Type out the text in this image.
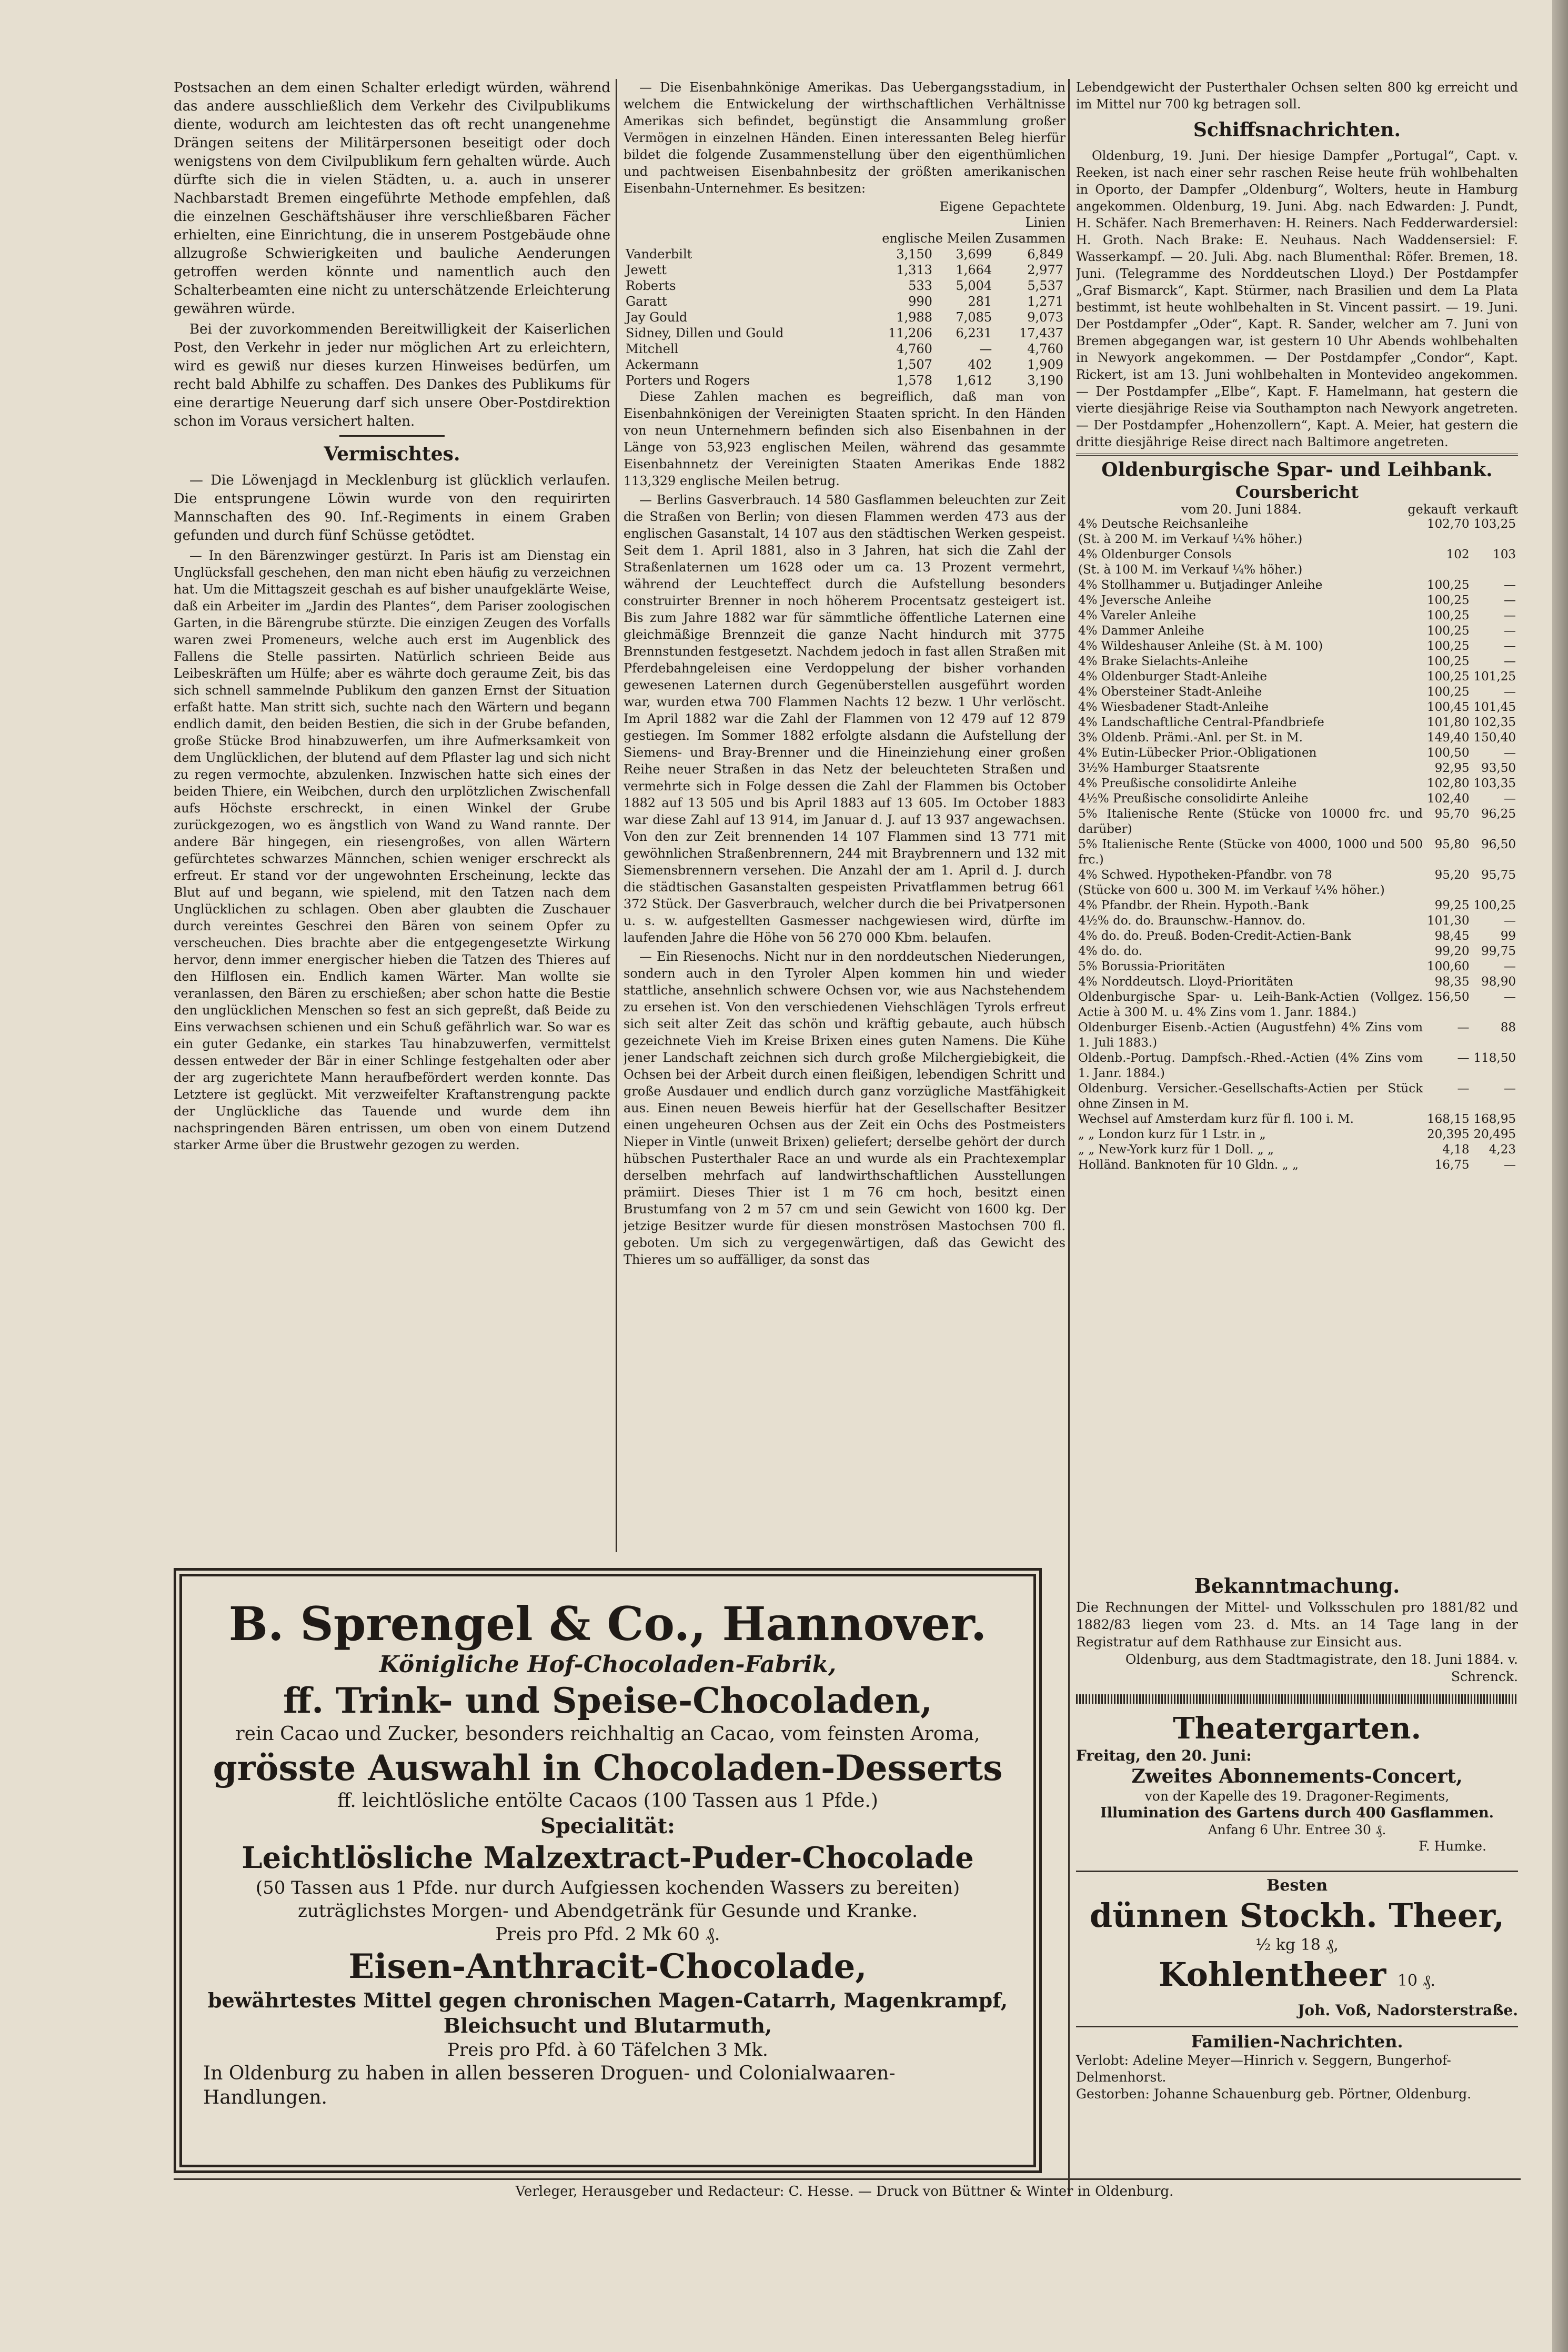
Postsachen an dem einen Schalter erledigt würden, während das andere ausschließlich dem Verkehr des Civilpublikums diente, wodurch am leichtesten das oft recht unangenehme Drängen seitens der Militärpersonen beseitigt oder doch wenigstens von dem Civilpublikum fern gehalten würde. Auch dürfte sich die in vielen Städten, u. a. auch in unserer Nachbarstadt Bremen eingeführte Methode empfehlen, daß die einzelnen Geschäftshäuser ihre verschließbaren Fächer erhielten, eine Einrichtung, die in unserem Postgebäude ohne allzugroße Schwierigkeiten und bauliche Aenderungen getroffen werden könnte und namentlich auch den Schalterbeamten eine nicht zu unterschätzende Erleichterung gewähren würde.

Bei der zuvorkommenden Bereitwilligkeit der Kaiserlichen Post, den Verkehr in jeder nur möglichen Art zu erleichtern, wird es gewiß nur dieses kurzen Hinweises bedürfen, um recht bald Abhilfe zu schaffen. Des Dankes des Publikums für eine derartige Neuerung darf sich unsere Ober-Postdirektion schon im Voraus versichert halten.

Vermischtes.

— Die Löwenjagd in Mecklenburg ist glücklich verlaufen. Die entsprungene Löwin wurde von den requirirten Mannschaften des 90. Inf.-Regiments in einem Graben gefunden und durch fünf Schüsse getödtet.

— In den Bärenzwinger gestürzt. In Paris ist am Dienstag ein Unglücksfall geschehen, den man nicht eben häufig zu verzeichnen hat. Um die Mittagszeit geschah es auf bisher unaufgeklärte Weise, daß ein Arbeiter im „Jardin des Plantes“, dem Pariser zoologischen Garten, in die Bärengrube stürzte. Die einzigen Zeugen des Vorfalls waren zwei Promeneurs, welche auch erst im Augenblick des Fallens die Stelle passirten. Natürlich schrieen Beide aus Leibeskräften um Hülfe; aber es währte doch geraume Zeit, bis das sich schnell sammelnde Publikum den ganzen Ernst der Situation erfaßt hatte. Man stritt sich, suchte nach den Wärtern und begann endlich damit, den beiden Bestien, die sich in der Grube befanden, große Stücke Brod hinabzuwerfen, um ihre Aufmerksamkeit von dem Unglücklichen, der blutend auf dem Pflaster lag und sich nicht zu regen vermochte, abzulenken. Inzwischen hatte sich eines der beiden Thiere, ein Weibchen, durch den urplötzlichen Zwischenfall aufs Höchste erschreckt, in einen Winkel der Grube zurückgezogen, wo es ängstlich von Wand zu Wand rannte. Der andere Bär hingegen, ein riesengroßes, von allen Wärtern gefürchtetes schwarzes Männchen, schien weniger erschreckt als erfreut. Er stand vor der ungewohnten Erscheinung, leckte das Blut auf und begann, wie spielend, mit den Tatzen nach dem Unglücklichen zu schlagen. Oben aber glaubten die Zuschauer durch vereintes Geschrei den Bären von seinem Opfer zu verscheuchen. Dies brachte aber die entgegengesetzte Wirkung hervor, denn immer energischer hieben die Tatzen des Thieres auf den Hilflosen ein. Endlich kamen Wärter. Man wollte sie veranlassen, den Bären zu erschießen; aber schon hatte die Bestie den unglücklichen Menschen so fest an sich gepreßt, daß Beide zu Eins verwachsen schienen und ein Schuß gefährlich war. So war es ein guter Gedanke, ein starkes Tau hinabzuwerfen, vermittelst dessen entweder der Bär in einer Schlinge festgehalten oder aber der arg zugerichtete Mann heraufbefördert werden konnte. Das Letztere ist geglückt. Mit verzweifelter Kraftanstrengung packte der Unglückliche das Tauende und wurde dem ihn nachspringenden Bären entrissen, um oben von einem Dutzend starker Arme über die Brustwehr gezogen zu werden.

— Die Eisenbahnkönige Amerikas. Das Uebergangsstadium, in welchem die Entwickelung der wirthschaftlichen Verhältnisse Amerikas sich befindet, begünstigt die Ansammlung großer Vermögen in einzelnen Händen. Einen interessanten Beleg hierfür bildet die folgende Zusammenstellung über den eigenthümlichen und pachtweisen Eisenbahnbesitz der größten amerikanischen Eisenbahn-Unternehmer. Es besitzen:

Eigene Gepachtete
Linien
englische Meilen Zusammen
Vanderbilt	3,150	3,699	6,849
Jewett	1,313	1,664	2,977
Roberts	533	5,004	5,537
Garatt	990	281	1,271
Jay Gould	1,988	7,085	9,073
Sidney, Dillen und Gould	11,206	6,231	17,437
Mitchell	4,760	—	4,760
Ackermann	1,507	402	1,909
Porters und Rogers	1,578	1,612	3,190

Diese Zahlen machen es begreiflich, daß man von Eisenbahnkönigen der Vereinigten Staaten spricht. In den Händen von neun Unternehmern befinden sich also Eisenbahnen in der Länge von 53,923 englischen Meilen, während das gesammte Eisenbahnnetz der Vereinigten Staaten Amerikas Ende 1882 113,329 englische Meilen betrug.

— Berlins Gasverbrauch. 14 580 Gasflammen beleuchten zur Zeit die Straßen von Berlin; von diesen Flammen werden 473 aus der englischen Gasanstalt, 14 107 aus den städtischen Werken gespeist. Seit dem 1. April 1881, also in 3 Jahren, hat sich die Zahl der Straßenlaternen um 1628 oder um ca. 13 Prozent vermehrt, während der Leuchteffect durch die Aufstellung besonders construirter Brenner in noch höherem Procentsatz gesteigert ist. Bis zum Jahre 1882 war für sämmtliche öffentliche Laternen eine gleichmäßige Brennzeit die ganze Nacht hindurch mit 3775 Brennstunden festgesetzt. Nachdem jedoch in fast allen Straßen mit Pferdebahngeleisen eine Verdoppelung der bisher vorhanden gewesenen Laternen durch Gegenüberstellen ausgeführt worden war, wurden etwa 700 Flammen Nachts 12 bezw. 1 Uhr verlöscht. Im April 1882 war die Zahl der Flammen von 12 479 auf 12 879 gestiegen. Im Sommer 1882 erfolgte alsdann die Aufstellung der Siemens- und Bray-Brenner und die Hineinziehung einer großen Reihe neuer Straßen in das Netz der beleuchteten Straßen und vermehrte sich in Folge dessen die Zahl der Flammen bis October 1882 auf 13 505 und bis April 1883 auf 13 605. Im October 1883 war diese Zahl auf 13 914, im Januar d. J. auf 13 937 angewachsen. Von den zur Zeit brennenden 14 107 Flammen sind 13 771 mit gewöhnlichen Straßenbrennern, 244 mit Braybrennern und 132 mit Siemensbrennern versehen. Die Anzahl der am 1. April d. J. durch die städtischen Gasanstalten gespeisten Privatflammen betrug 661 372 Stück. Der Gasverbrauch, welcher durch die bei Privatpersonen u. s. w. aufgestellten Gasmesser nachgewiesen wird, dürfte im laufenden Jahre die Höhe von 56 270 000 Kbm. belaufen.

— Ein Riesenochs. Nicht nur in den norddeutschen Niederungen, sondern auch in den Tyroler Alpen kommen hin und wieder stattliche, ansehnlich schwere Ochsen vor, wie aus Nachstehendem zu ersehen ist. Von den verschiedenen Viehschlägen Tyrols erfreut sich seit alter Zeit das schön und kräftig gebaute, auch hübsch gezeichnete Vieh im Kreise Brixen eines guten Namens. Die Kühe jener Landschaft zeichnen sich durch große Milchergiebigkeit, die Ochsen bei der Arbeit durch einen fleißigen, lebendigen Schritt und große Ausdauer und endlich durch ganz vorzügliche Mastfähigkeit aus. Einen neuen Beweis hierfür hat der Gesellschafter Besitzer einen ungeheuren Ochsen aus der Zeit ein Ochs des Postmeisters Nieper in Vintle (unweit Brixen) geliefert; derselbe gehört der durch hübschen Pusterthaler Race an und wurde als ein Prachtexemplar derselben mehrfach auf landwirthschaftlichen Ausstellungen prämiirt. Dieses Thier ist 1 m 76 cm hoch, besitzt einen Brustumfang von 2 m 57 cm und sein Gewicht von 1600 kg. Der jetzige Besitzer wurde für diesen monströsen Mastochsen 700 fl. geboten. Um sich zu vergegenwärtigen, daß das Gewicht des Thieres um so auffälliger, da sonst das

Lebendgewicht der Pusterthaler Ochsen selten 800 kg erreicht und im Mittel nur 700 kg betragen soll.

Schiffsnachrichten.

Oldenburg, 19. Juni. Der hiesige Dampfer „Portugal“, Capt. v. Reeken, ist nach einer sehr raschen Reise heute früh wohlbehalten in Oporto, der Dampfer „Oldenburg“, Wolters, heute in Hamburg angekommen. Oldenburg, 19. Juni. Abg. nach Edwarden: J. Pundt, H. Schäfer. Nach Bremerhaven: H. Reiners. Nach Fedderwardersiel: H. Groth. Nach Brake: E. Neuhaus. Nach Waddensersiel: F. Wasserkampf. — 20. Juli. Abg. nach Blumenthal: Röfer. Bremen, 18. Juni. (Telegramme des Norddeutschen Lloyd.) Der Postdampfer „Graf Bismarck“, Kapt. Stürmer, nach Brasilien und dem La Plata bestimmt, ist heute wohlbehalten in St. Vincent passirt. — 19. Juni. Der Postdampfer „Oder“, Kapt. R. Sander, welcher am 7. Juni von Bremen abgegangen war, ist gestern 10 Uhr Abends wohlbehalten in Newyork angekommen. — Der Postdampfer „Condor“, Kapt. Rickert, ist am 13. Juni wohlbehalten in Montevideo angekommen. — Der Postdampfer „Elbe“, Kapt. F. Hamelmann, hat gestern die vierte diesjährige Reise via Southampton nach Newyork angetreten. — Der Postdampfer „Hohenzollern“, Kapt. A. Meier, hat gestern die dritte diesjährige Reise direct nach Baltimore angetreten.

Oldenburgische Spar- und Leihbank.
Coursbericht
vom 20. Juni 1884.	gekauft verkauft
4% Deutsche Reichsanleihe	102,70	103,25
(St. à 200 M. im Verkauf ¼% höher.)		
4% Oldenburger Consols	102	103
(St. à 100 M. im Verkauf ¼% höher.)		
4% Stollhammer u. Butjadinger Anleihe	100,25	—
4% Jeversche Anleihe	100,25	—
4% Vareler Anleihe	100,25	—
4% Dammer Anleihe	100,25	—
4% Wildeshauser Anleihe (St. à M. 100)	100,25	—
4% Brake Sielachts-Anleihe	100,25	—
4% Oldenburger Stadt-Anleihe	100,25	101,25
4% Obersteiner Stadt-Anleihe	100,25	—
4% Wiesbadener Stadt-Anleihe	100,45	101,45
4% Landschaftliche Central-Pfandbriefe	101,80	102,35
3% Oldenb. Prämi.-Anl. per St. in M.	149,40	150,40
4% Eutin-Lübecker Prior.-Obligationen	100,50	—
3½% Hamburger Staatsrente	92,95	93,50
4% Preußische consolidirte Anleihe	102,80	103,35
4½% Preußische consolidirte Anleihe	102,40	—
5% Italienische Rente (Stücke von 10000 frc. und darüber)	95,70	96,25
5% Italienische Rente (Stücke von 4000, 1000 und 500 frc.)	95,80	96,50
4% Schwed. Hypotheken-Pfandbr. von 78	95,20	95,75
(Stücke von 600 u. 300 M. im Verkauf ¼% höher.)		
4% Pfandbr. der Rhein. Hypoth.-Bank	99,25	100,25
4½% do. do. Braunschw.-Hannov. do.	101,30	—
4% do. do. Preuß. Boden-Credit-Actien-Bank	98,45	99
4% do. do.	99,20	99,75
5% Borussia-Prioritäten	100,60	—
4% Norddeutsch. Lloyd-Prioritäten	98,35	98,90
Oldenburgische Spar- u. Leih-Bank-Actien (Vollgez. Actie à 300 M. u. 4% Zins vom 1. Janr. 1884.)	156,50	—
Oldenburger Eisenb.-Actien (Augustfehn) 4% Zins vom 1. Juli 1883.)	—	88
Oldenb.-Portug. Dampfsch.-Rhed.-Actien (4% Zins vom 1. Janr. 1884.)	—	118,50
Oldenburg. Versicher.-Gesellschafts-Actien per Stück ohne Zinsen in M.	—	—
Wechsel auf Amsterdam kurz für fl. 100 i. M.	168,15	168,95
„ „ London kurz für 1 Lstr. in „	20,395	20,495
„ „ New-York kurz für 1 Doll. „ „	4,18	4,23
Holländ. Banknoten für 10 Gldn. „ „	16,75	—
Bekanntmachung.
Die Rechnungen der Mittel- und Volksschulen pro 1881/82 und 1882/83 liegen vom 23. d. Mts. an 14 Tage lang in der Registratur auf dem Rathhause zur Einsicht aus.
Oldenburg, aus dem Stadtmagistrate, den 18. Juni 1884. v. Schrenck.
Theatergarten.
Freitag, den 20. Juni:
Zweites Abonnements-Concert,
von der Kapelle des 19. Dragoner-Regiments,
Illumination des Gartens durch 400 Gasflammen.
Anfang 6 Uhr. Entree 30 ₰.
F. Humke.
Besten
dünnen Stockh. Theer,
½ kg 18 ₰,
Kohlentheer 10 ₰.
Joh. Voß, Nadorsterstraße.
Familien-Nachrichten.
Verlobt: Adeline Meyer—Hinrich v. Seggern, Bungerhof-Delmenhorst.
Gestorben: Johanne Schauenburg geb. Pörtner, Oldenburg.
B. Sprengel & Co., Hannover.
Königliche Hof-Chocoladen-Fabrik,
ff. Trink- und Speise-Chocoladen,
rein Cacao und Zucker, besonders reichhaltig an Cacao, vom feinsten Aroma,
grösste Auswahl in Chocoladen-Desserts
ff. leichtlösliche entölte Cacaos (100 Tassen aus 1 Pfde.)
Specialität:
Leichtlösliche Malzextract-Puder-Chocolade
(50 Tassen aus 1 Pfde. nur durch Aufgiessen kochenden Wassers zu bereiten) zuträglichstes Morgen- und Abendgetränk für Gesunde und Kranke.
Preis pro Pfd. 2 Mk 60 ₰.
Eisen-Anthracit-Chocolade,
bewährtestes Mittel gegen chronischen Magen-Catarrh, Magenkrampf, Bleichsucht und Blutarmuth,
Preis pro Pfd. à 60 Täfelchen 3 Mk.
In Oldenburg zu haben in allen besseren Droguen- und Colonialwaaren-Handlungen.
Verleger, Herausgeber und Redacteur: C. Hesse. — Druck von Büttner & Winter in Oldenburg.
